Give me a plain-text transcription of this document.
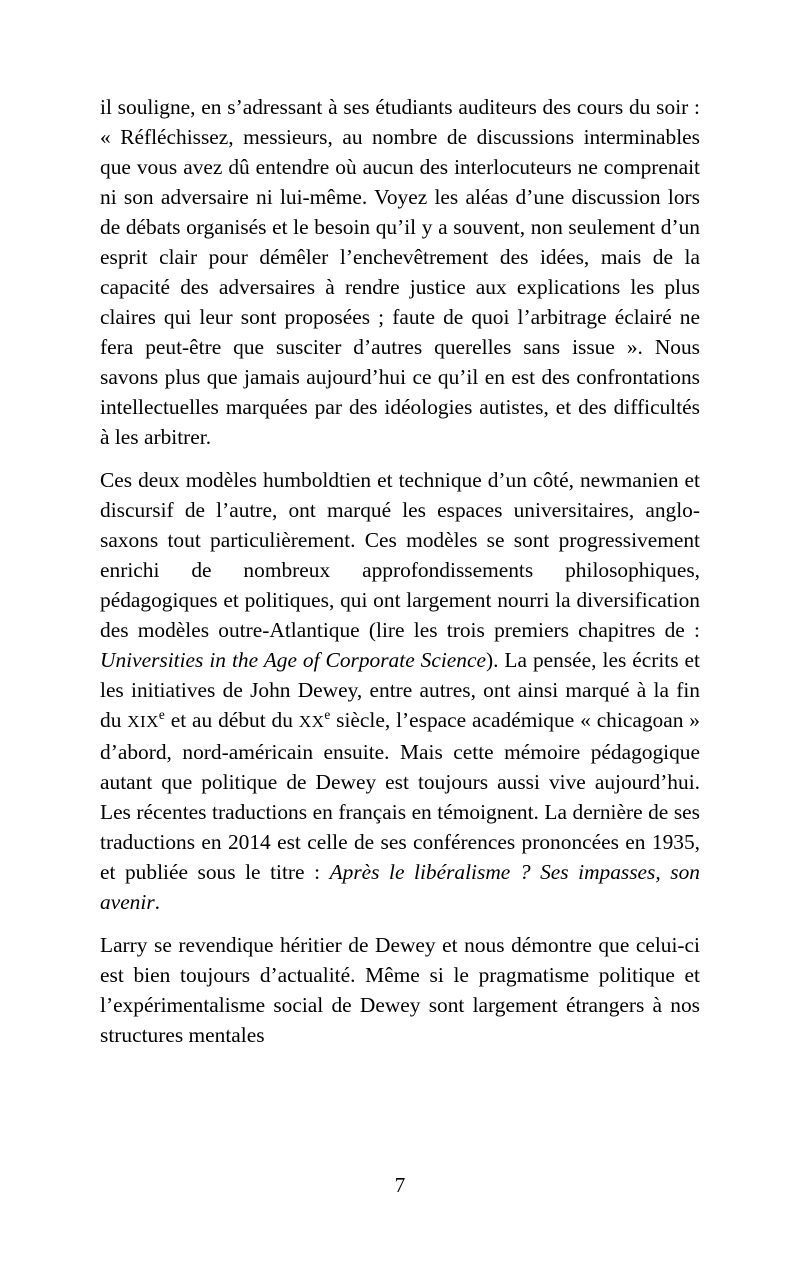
il souligne, en s’adressant à ses étudiants auditeurs des cours du soir : « Réfléchissez, messieurs, au nombre de discussions interminables que vous avez dû entendre où aucun des interlocuteurs ne comprenait ni son adversaire ni lui-même. Voyez les aléas d’une discussion lors de débats organisés et le besoin qu’il y a souvent, non seulement d’un esprit clair pour démêler l’enchevêtrement des idées, mais de la capacité des adversaires à rendre justice aux explications les plus claires qui leur sont proposées ; faute de quoi l’arbitrage éclairé ne fera peut-être que susciter d’autres querelles sans issue ». Nous savons plus que jamais aujourd’hui ce qu’il en est des confrontations intellectuelles marquées par des idéologies autistes, et des difficultés à les arbitrer.

Ces deux modèles humboldtien et technique d’un côté, newmanien et discursif de l’autre, ont marqué les espaces universitaires, anglo-saxons tout particulièrement. Ces modèles se sont progressivement enrichi de nombreux approfondissements philosophiques, pédagogiques et politiques, qui ont largement nourri la diversification des modèles outre-Atlantique (lire les trois premiers chapitres de : Universities in the Age of Corporate Science). La pensée, les écrits et les initiatives de John Dewey, entre autres, ont ainsi marqué à la fin du XIXe et au début du XXe siècle, l’espace académique « chicagoan » d’abord, nord-américain ensuite. Mais cette mémoire pédagogique autant que politique de Dewey est toujours aussi vive aujourd’hui. Les récentes traductions en français en témoignent. La dernière de ses traductions en 2014 est celle de ses conférences prononcées en 1935, et publiée sous le titre : Après le libéralisme ? Ses impasses, son avenir.

Larry se revendique héritier de Dewey et nous démontre que celui-ci est bien toujours d’actualité. Même si le pragmatisme politique et l’expérimentalisme social de Dewey sont largement étrangers à nos structures mentales

7
